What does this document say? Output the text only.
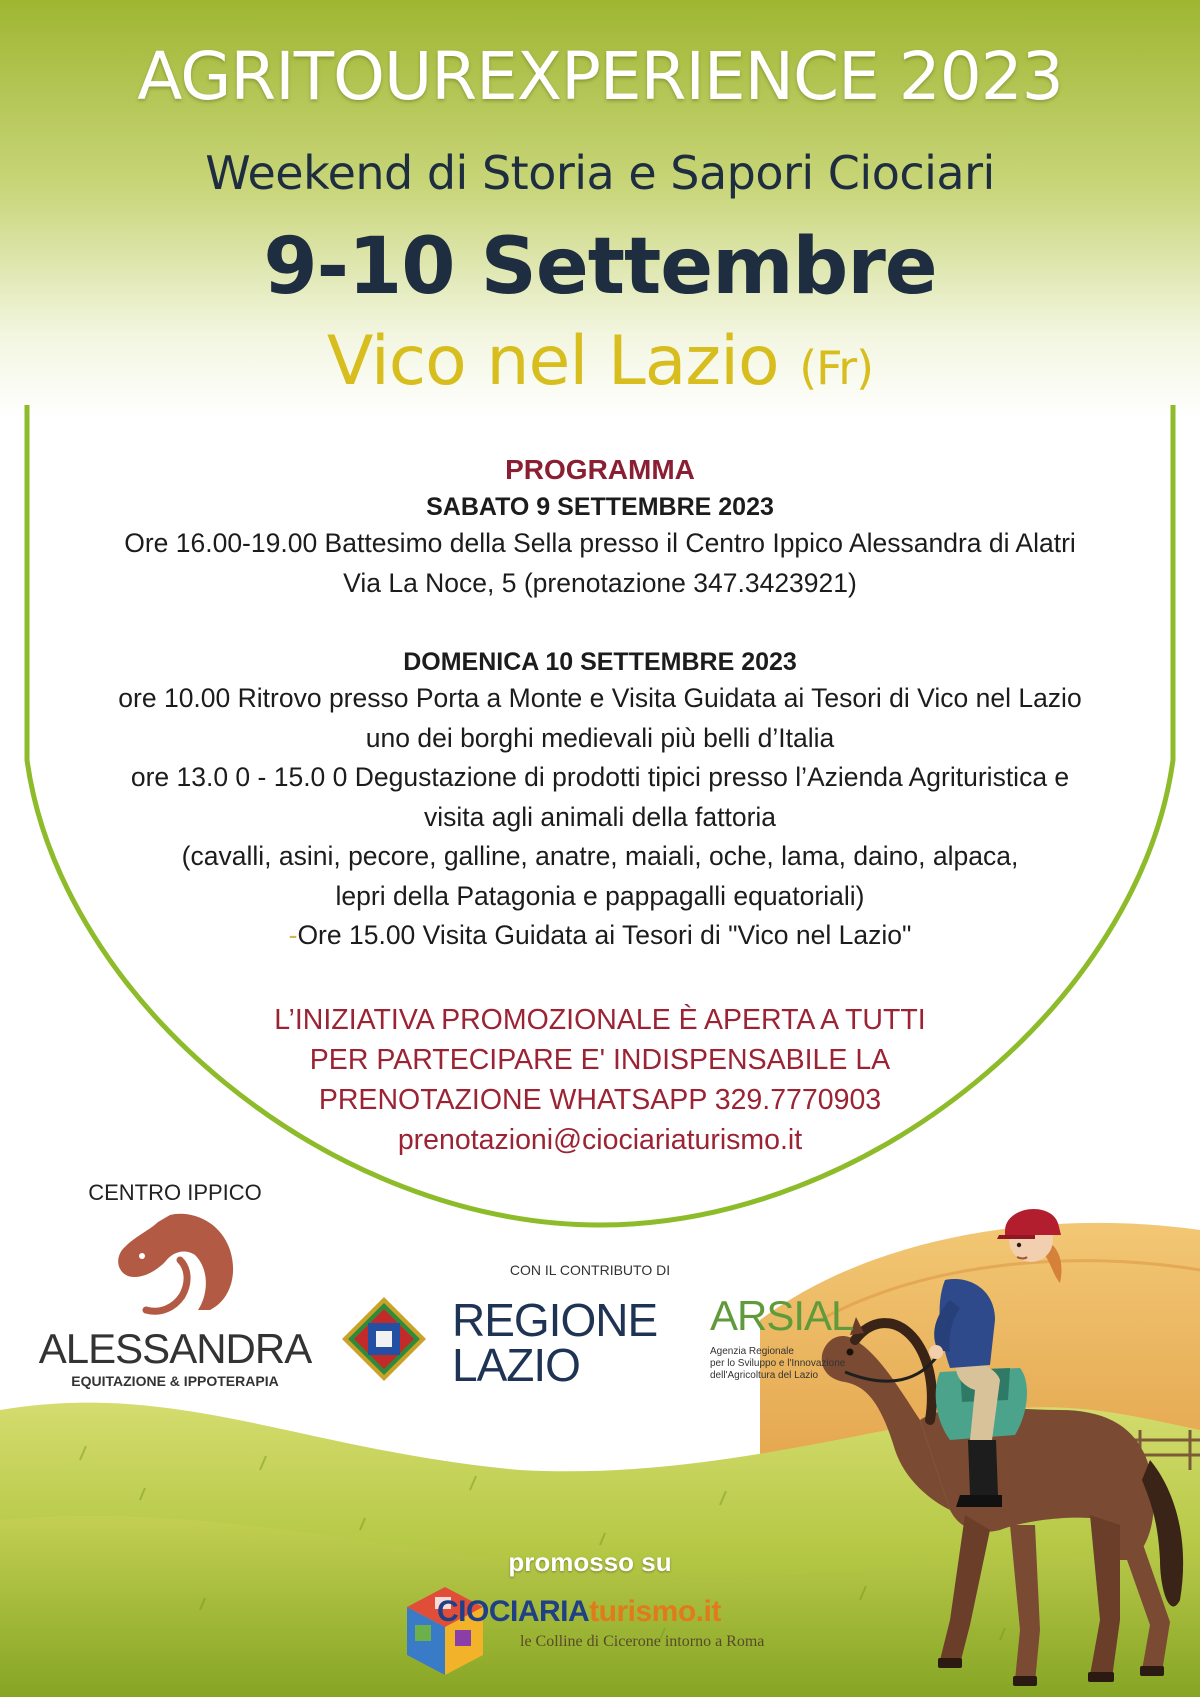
AGRITOUREXPERIENCE 2023
Weekend di Storia e Sapori Ciociari
9-10 Settembre
Vico nel Lazio (Fr)

PROGRAMMA

SABATO 9 SETTEMBRE 2023

Ore 16.00-19.00 Battesimo della Sella presso il Centro Ippico Alessandra di Alatri

Via La Noce, 5 (prenotazione 347.3423921)

DOMENICA 10 SETTEMBRE 2023

ore 10.00 Ritrovo presso Porta a Monte e Visita Guidata ai Tesori di Vico nel Lazio

uno dei borghi medievali più belli d’Italia

ore 13.0 0 - 15.0 0 Degustazione di prodotti tipici presso l’Azienda Agrituristica e

visita agli animali della fattoria

(cavalli, asini, pecore, galline, anatre, maiali, oche, lama, daino, alpaca,

lepri della Patagonia e pappagalli equatoriali)

-Ore 15.00 Visita Guidata ai Tesori di "Vico nel Lazio"

L’INIZIATIVA PROMOZIONALE È APERTA A TUTTI
PER PARTECIPARE E' INDISPENSABILE LA
PRENOTAZIONE WHATSAPP 329.7770903
prenotazioni@ciociariaturismo.it
CENTRO IPPICO
ALESSANDRA
EQUITAZIONE & IPPOTERAPIA
CON IL CONTRIBUTO DI
REGIONE
LAZIO
ARSIAL
Agenzia Regionale
per lo Sviluppo e l'Innovazione
dell'Agricoltura del Lazio
promosso su
CIOCIARIAturismo.it
le Colline di Cicerone intorno a Roma
